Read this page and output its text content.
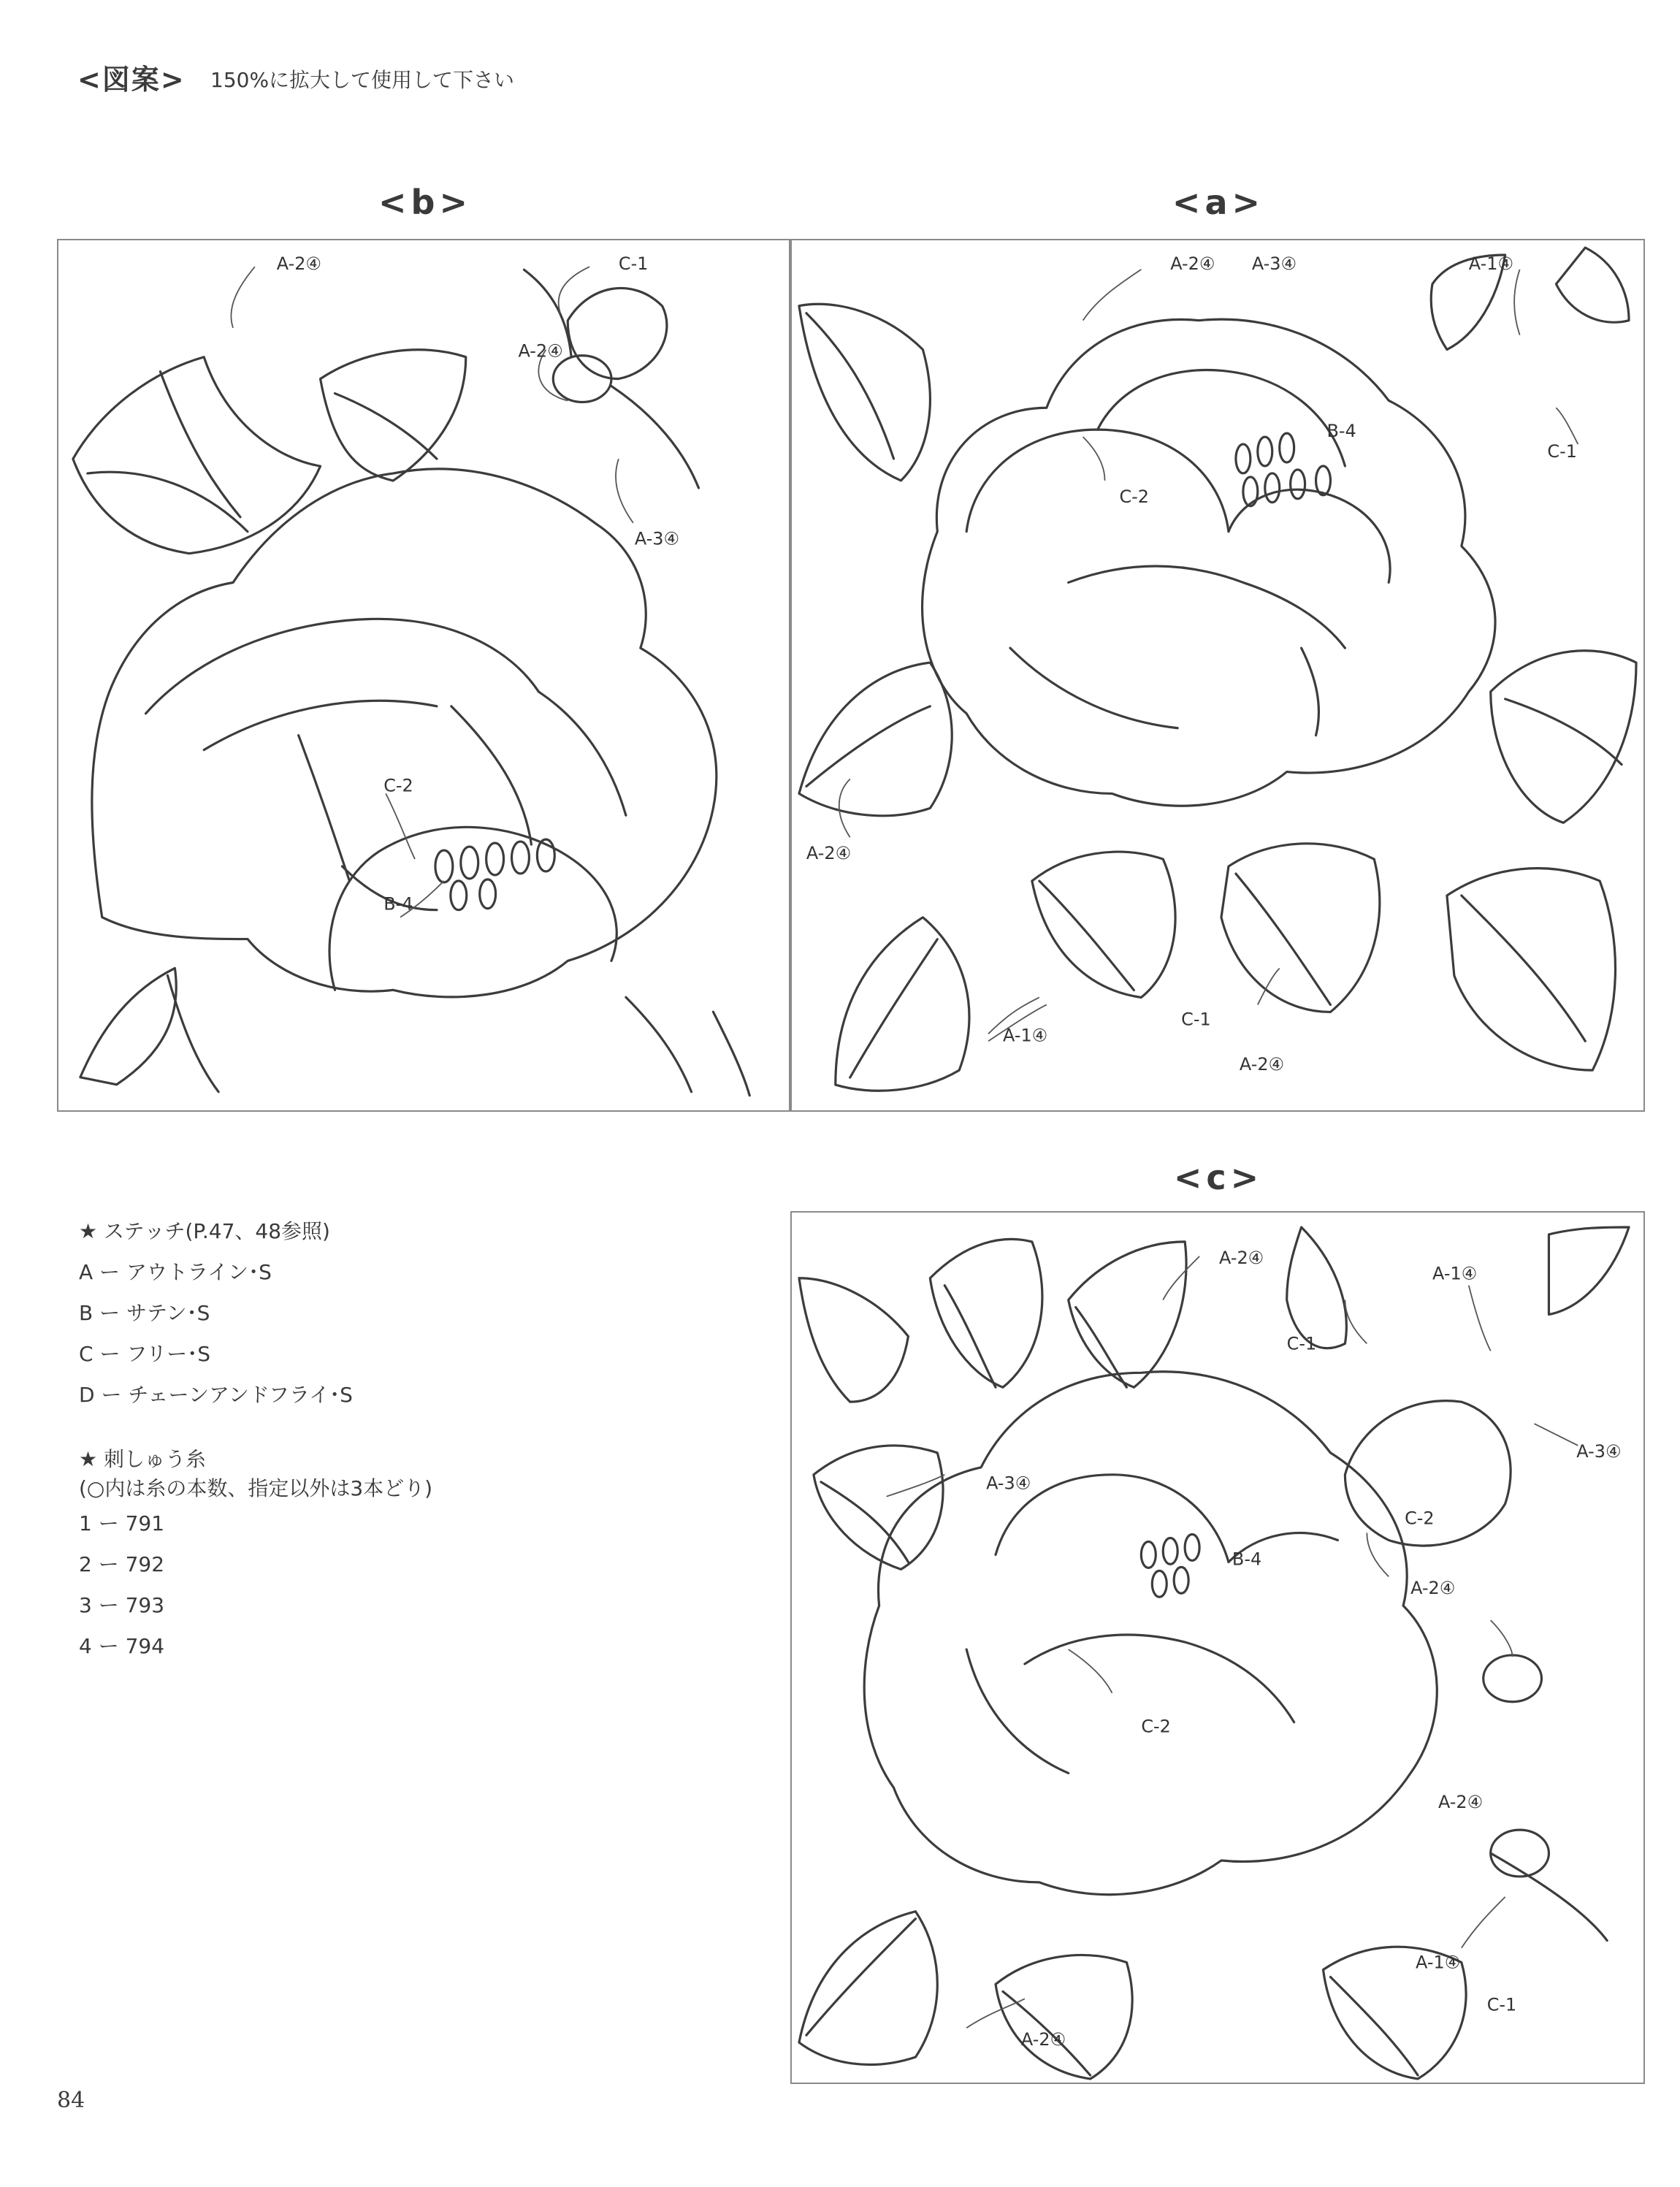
<図案> 150%に拡大して使用して下さい
<b>	<a>
<c>
A-2④	C-1
A-2④
A-3④
C-2
B-4
A-2④ A-3④	A-1④
C-1
B-4
C-2
A-2④
A-1④
C-1
A-2④
A-2④
A-1④
C-1
A-3④
A-3④
B-4
C-2
A-2④
C-2
A-2④
A-1④
C-1
A-2④
★ ステッチ(P.47、48参照)
A ー アウトライン･S
B ー サテン･S
C ー フリー･S
D ー チェーンアンドフライ･S
★ 刺しゅう糸
(○内は糸の本数、指定以外は3本どり)
1 ー 791
2 ー 792
3 ー 793
4 ー 794
84
